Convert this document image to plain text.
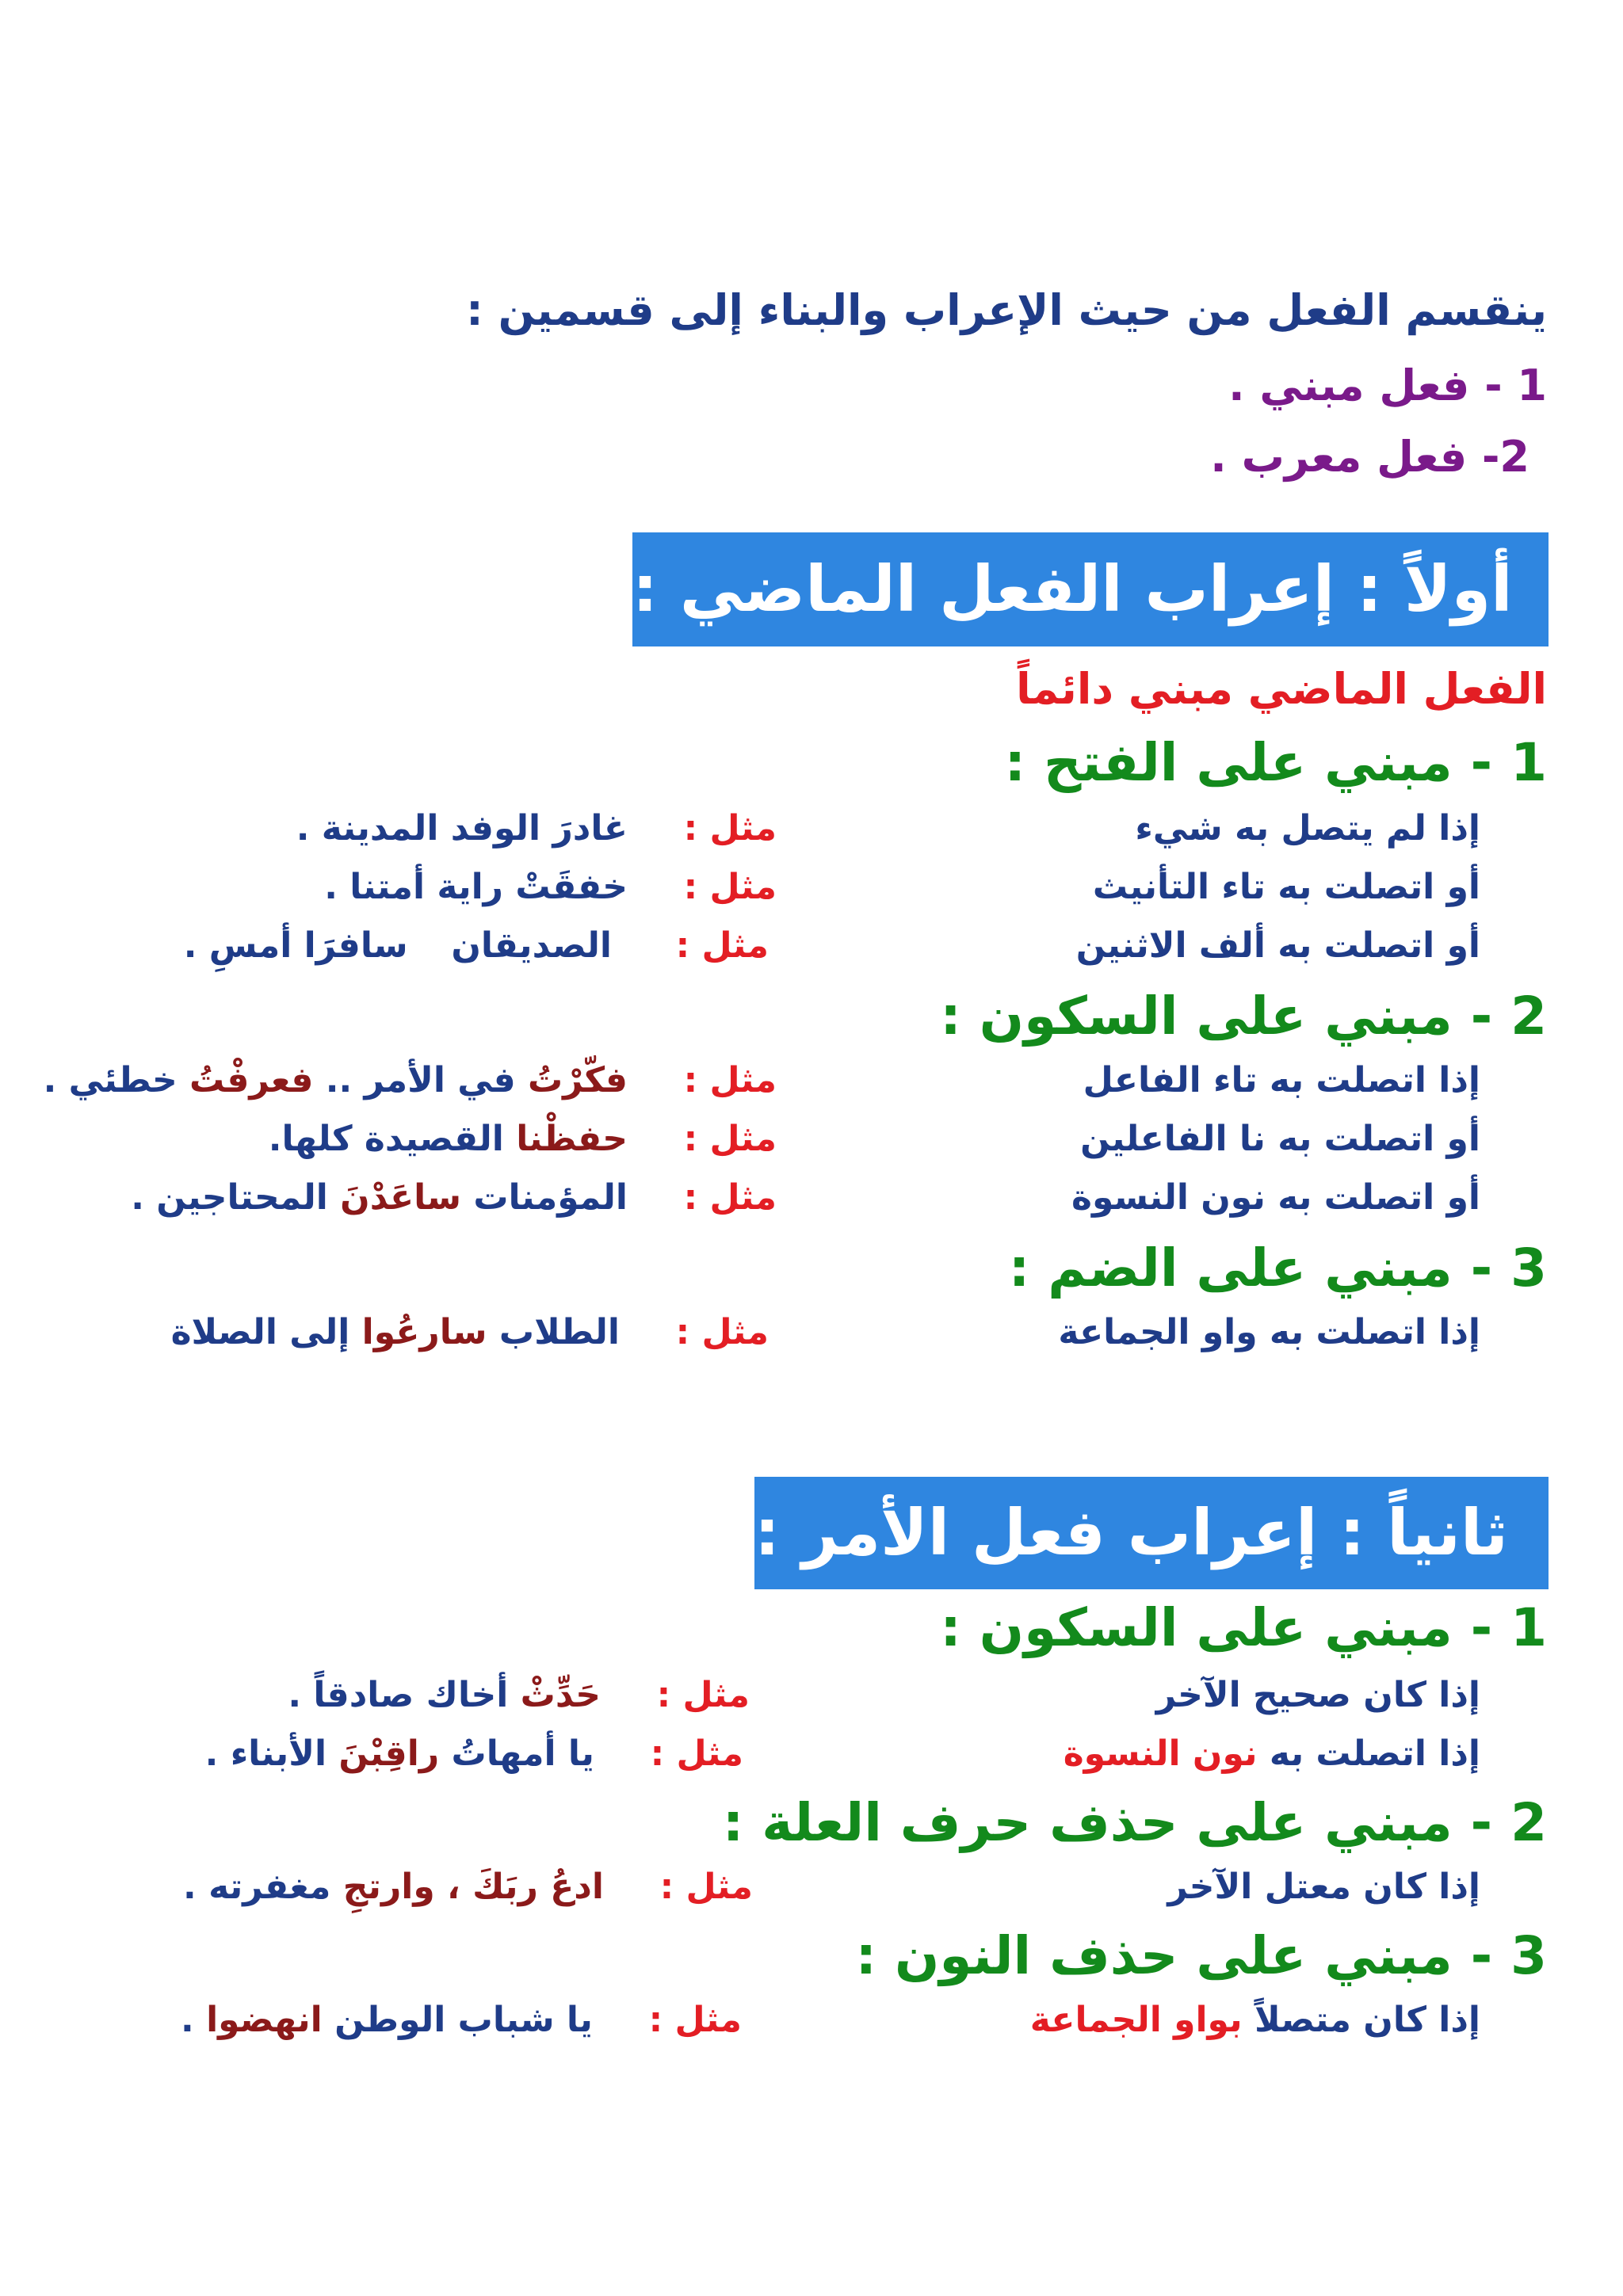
ينقسم الفعل من حيث الإعراب والبناء إلى قسمين :
1 - فعل مبني .
2- فعل معرب .
أولاً : إعراب الفعل الماضي :
الفعل الماضي مبني دائماً
1 - مبني على الفتح :
إذا لم يتصل به شيء
مثل :  غادرَ الوفد المدينة .
أو اتصلت به تاء التأنيث
مثل :  خفقَتْ راية أمتنا .
أو اتصلت به ألف الاثنين
مثل :  الصديقان  سافرَا أمسِ .
2 - مبني على السكون :
إذا اتصلت به تاء الفاعل
مثل :  فكّرْتُ في الأمر .. فعرفْتُ خطئي .
أو اتصلت به نا الفاعلين
مثل :  حفظْنا القصيدة كلها.
أو اتصلت به نون النسوة
مثل :  المؤمنات ساعَدْنَ المحتاجين .
3 - مبني على الضم :
إذا اتصلت به واو الجماعة
مثل :  الطلاب سارعُوا إلى الصلاة
ثانياً : إعراب فعل الأمر :
1 - مبني على السكون :
إذا كان صحيح الآخر
مثل :  حَدِّثْ أخاك صادقاً .
إذا اتصلت به نون النسوة
مثل :  يا أمهاتُ راقِبْنَ الأبناء .
2 - مبني على حذف حرف العلة :
إذا كان معتل الآخر
مثل :  ادعُ ربَكَ ، وارتجِ مغفرته .
3 - مبني على حذف النون :
إذا كان متصلاً بواو الجماعة
مثل :  يا شباب الوطن انهضوا .
